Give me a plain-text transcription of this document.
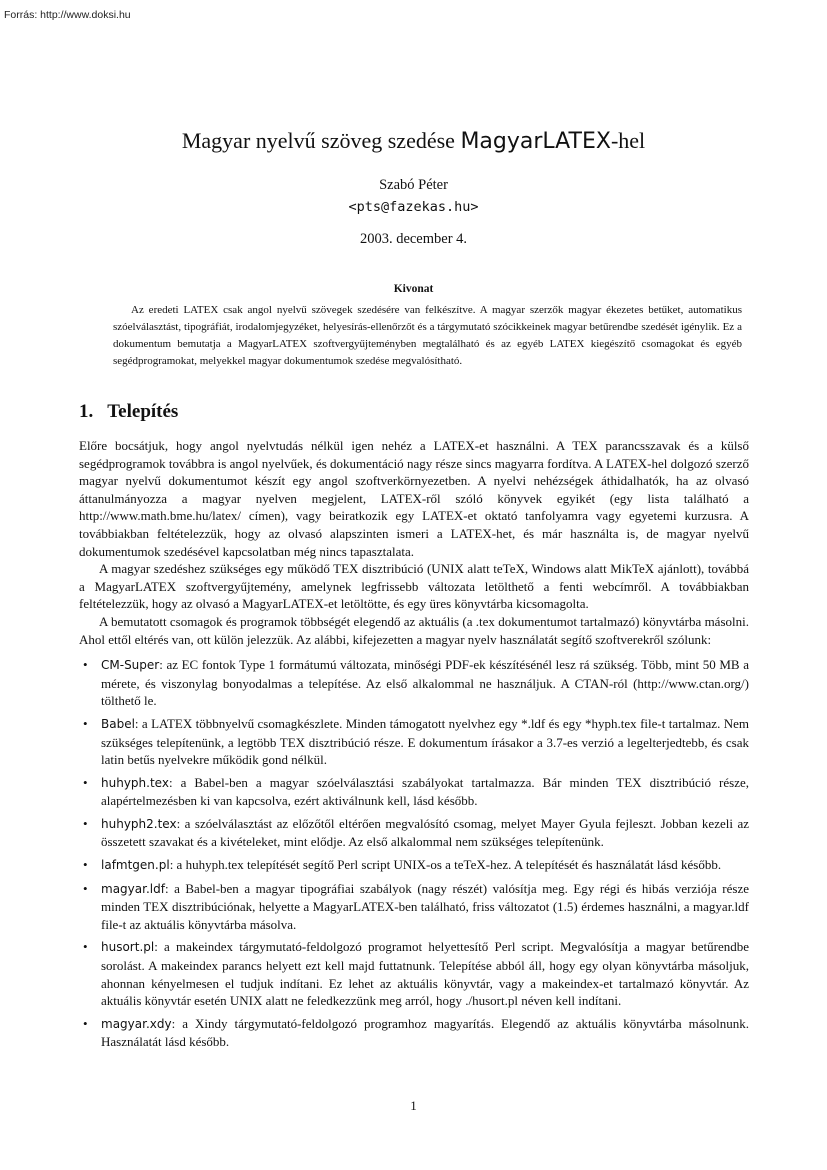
Forrás: http://www.doksi.hu
Magyar nyelvű szöveg szedése MagyarLATEX-hel
Szabó Péter
<pts@fazekas.hu>
2003. december 4.
Kivonat
Az eredeti LATEX csak angol nyelvű szövegek szedésére van felkészítve. A magyar szerzők magyar ékezetes betűket, automatikus szóelválasztást, tipográfiát, irodalomjegyzéket, helyesírás-ellenőrzőt és a tárgymutató szócikkeinek magyar betűrendbe szedését igénylik. Ez a dokumentum bemutatja a MagyarLATEX szoftvergyűjteményben megtalálható és az egyéb LATEX kiegészítő csomagokat és egyéb segédprogramokat, melyekkel magyar dokumentumok szedése megvalósítható.
1. Telepítés

Előre bocsátjuk, hogy angol nyelvtudás nélkül igen nehéz a LATEX-et használni. A TEX parancsszavak és a külső segédprogramok továbbra is angol nyelvűek, és dokumentáció nagy része sincs magyarra fordítva. A LATEX-hel dolgozó szerző magyar nyelvű dokumentumot készít egy angol szoftverkörnyezetben. A nyelvi nehézségek áthidalhatók, ha az olvasó áttanulmányozza a magyar nyelven megjelent, LATEX-ről szóló könyvek egyikét (egy lista található a http://www.math.bme.hu/latex/ címen), vagy beiratkozik egy LATEX-et oktató tanfolyamra vagy egyetemi kurzusra. A továbbiakban feltételezzük, hogy az olvasó alapszinten ismeri a LATEX-het, és már használta is, de magyar nyelvű dokumentumok szedésével kapcsolatban még nincs tapasztalata.

A magyar szedéshez szükséges egy működő TEX disztribúció (UNIX alatt teTeX, Windows alatt MikTeX ajánlott), továbbá a MagyarLATEX szoftvergyűjtemény, amelynek legfrissebb változata letölthető a fenti webcímről. A továbbiakban feltételezzük, hogy az olvasó a MagyarLATEX-et letöltötte, és egy üres könyvtárba kicsomagolta.

A bemutatott csomagok és programok többségét elegendő az aktuális (a .tex dokumentumot tartalmazó) könyvtárba másolni. Ahol ettől eltérés van, ott külön jelezzük. Az alábbi, kifejezetten a magyar nyelv használatát segítő szoftverekről szólunk:

• CM-Super: az EC fontok Type 1 formátumú változata, minőségi PDF-ek készítésénél lesz rá szükség. Több, mint 50 MB a mérete, és viszonylag bonyodalmas a telepítése. Az első alkalommal ne használjuk. A CTAN-ról (http://www.ctan.org/) tölthető le.
• Babel: a LATEX többnyelvű csomagkészlete. Minden támogatott nyelvhez egy *.ldf és egy *hyph.tex file-t tartalmaz. Nem szükséges telepítenünk, a legtöbb TEX disztribúció része. E dokumentum írásakor a 3.7-es verzió a legelterjedtebb, és csak latin betűs nyelvekre működik gond nélkül.
• huhyph.tex: a Babel-ben a magyar szóelválasztási szabályokat tartalmazza. Bár minden TEX disztribúció része, alapértelmezésben ki van kapcsolva, ezért aktiválnunk kell, lásd később.
• huhyph2.tex: a szóelválasztást az előzőtől eltérően megvalósító csomag, melyet Mayer Gyula fejleszt. Jobban kezeli az összetett szavakat és a kivételeket, mint elődje. Az első alkalommal nem szükséges telepítenünk.
• lafmtgen.pl: a huhyph.tex telepítését segítő Perl script UNIX-os a teTeX-hez. A telepítését és használatát lásd később.
• magyar.ldf: a Babel-ben a magyar tipográfiai szabályok (nagy részét) valósítja meg. Egy régi és hibás verziója része minden TEX disztribúciónak, helyette a MagyarLATEX-ben található, friss változatot (1.5) érdemes használni, a magyar.ldf file-t az aktuális könyvtárba másolva.
• husort.pl: a makeindex tárgymutató-feldolgozó programot helyettesítő Perl script. Megvalósítja a magyar betűrendbe sorolást. A makeindex parancs helyett ezt kell majd futtatnunk. Telepítése abból áll, hogy egy olyan könyvtárba másoljuk, ahonnan kényelmesen el tudjuk indítani. Ez lehet az aktuális könyvtár, vagy a makeindex-et tartalmazó könyvtár. Az aktuális könyvtár esetén UNIX alatt ne feledkezzünk meg arról, hogy ./husort.pl néven kell indítani.
• magyar.xdy: a Xindy tárgymutató-feldolgozó programhoz magyarítás. Elegendő az aktuális könyvtárba másolnunk. Használatát lásd később.
1
